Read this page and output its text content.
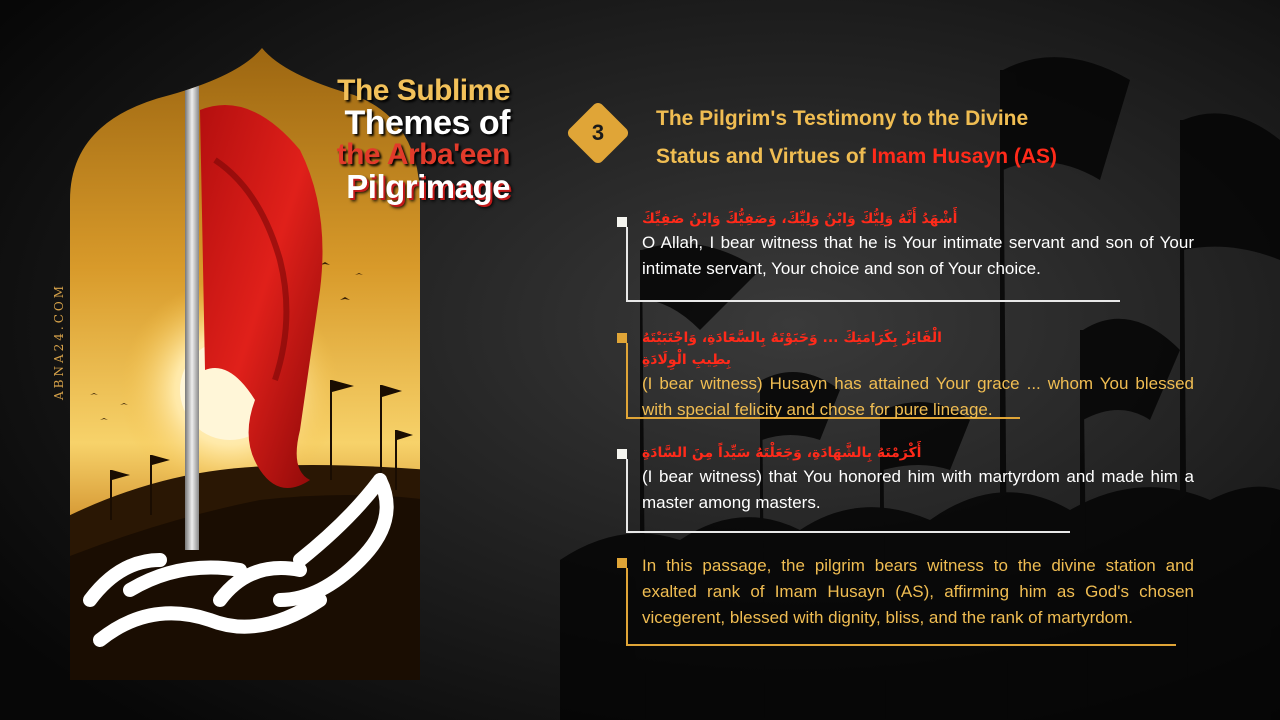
ABNA24.COM
The Sublime
Themes of
the Arba'een
Pilgrimage
3
The Pilgrim's Testimony to the Divine
Status and Virtues of Imam Husayn (AS)
أَشْهَدُ أَنَّهُ وَلِيُّكَ وَابْنُ وَلِيِّكَ، وَصَفِيُّكَ وَابْنُ صَفِيِّكَ
O Allah, I bear witness that he is Your intimate servant and son of Your intimate servant, Your choice and son of Your choice.
الْفَائِزُ بِكَرَامَتِكَ ... وَحَبَوْتَهُ بِالسَّعَادَةِ، وَاجْتَبَيْتَهُ بِطِيبِ الْوِلَادَةِ
(I bear witness) Husayn has attained Your grace ... whom You blessed with special felicity and chose for pure lineage.
أَكْرَمْتَهُ بِالشَّهَادَةِ، وَجَعَلْتَهُ سَيِّداً مِنَ السَّادَةِ
(I bear witness) that You honored him with martyrdom and made him a master among masters.
In this passage, the pilgrim bears witness to the divine station and exalted rank of Imam Husayn (AS), affirming him as God's chosen vicegerent, blessed with dignity, bliss, and the rank of martyrdom.
